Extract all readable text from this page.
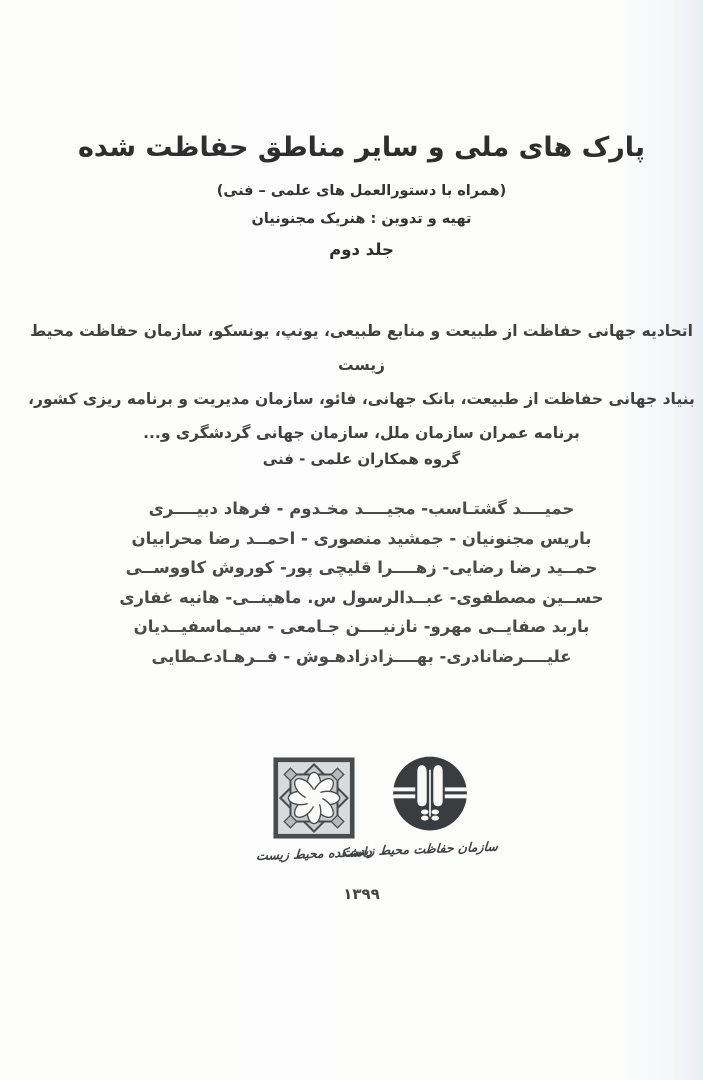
پارک های ملی و سایر مناطق حفاظت شده
(همراه با دستورالعمل های علمی – فنی)
تهیه و تدوین : هنریک مجنونیان
جلد دوم
اتحادیه جهانی حفاظت از طبیعت و منابع طبیعی، یونپ، یونسکو، سازمان حفاظت محیط زیست
بنیاد جهانی حفاظت از طبیعت، بانک جهانی، فائو، سازمان مدیریت و برنامه ریزی کشور،
برنامه عمران سازمان ملل، سازمان جهانی گردشگری و...
گروه همکاران علمی - فنی
حمیــــد گشتـاسب- مجیــــد مخـدوم - فرهاد دبیــــری
باریس مجنونیان - جمشید منصوری - احمــد رضا محرابیان
حمــید رضا رضایی- زهــــرا قلیچی پور- کوروش کاووســی
حســین مصطفوی- عبــدالرسول س. ماهینــی- هانیه غفاری
باربد صفایــی مهرو- نازنیــــن جـامعی - سیـماسفیــدیان
علیــــرضانادری- بهــــزادزادهـوش - فــرهـادعـطایی
دانشکده محیط زیست
سازمان حفاظت محیط زیست
۱۳۹۹
